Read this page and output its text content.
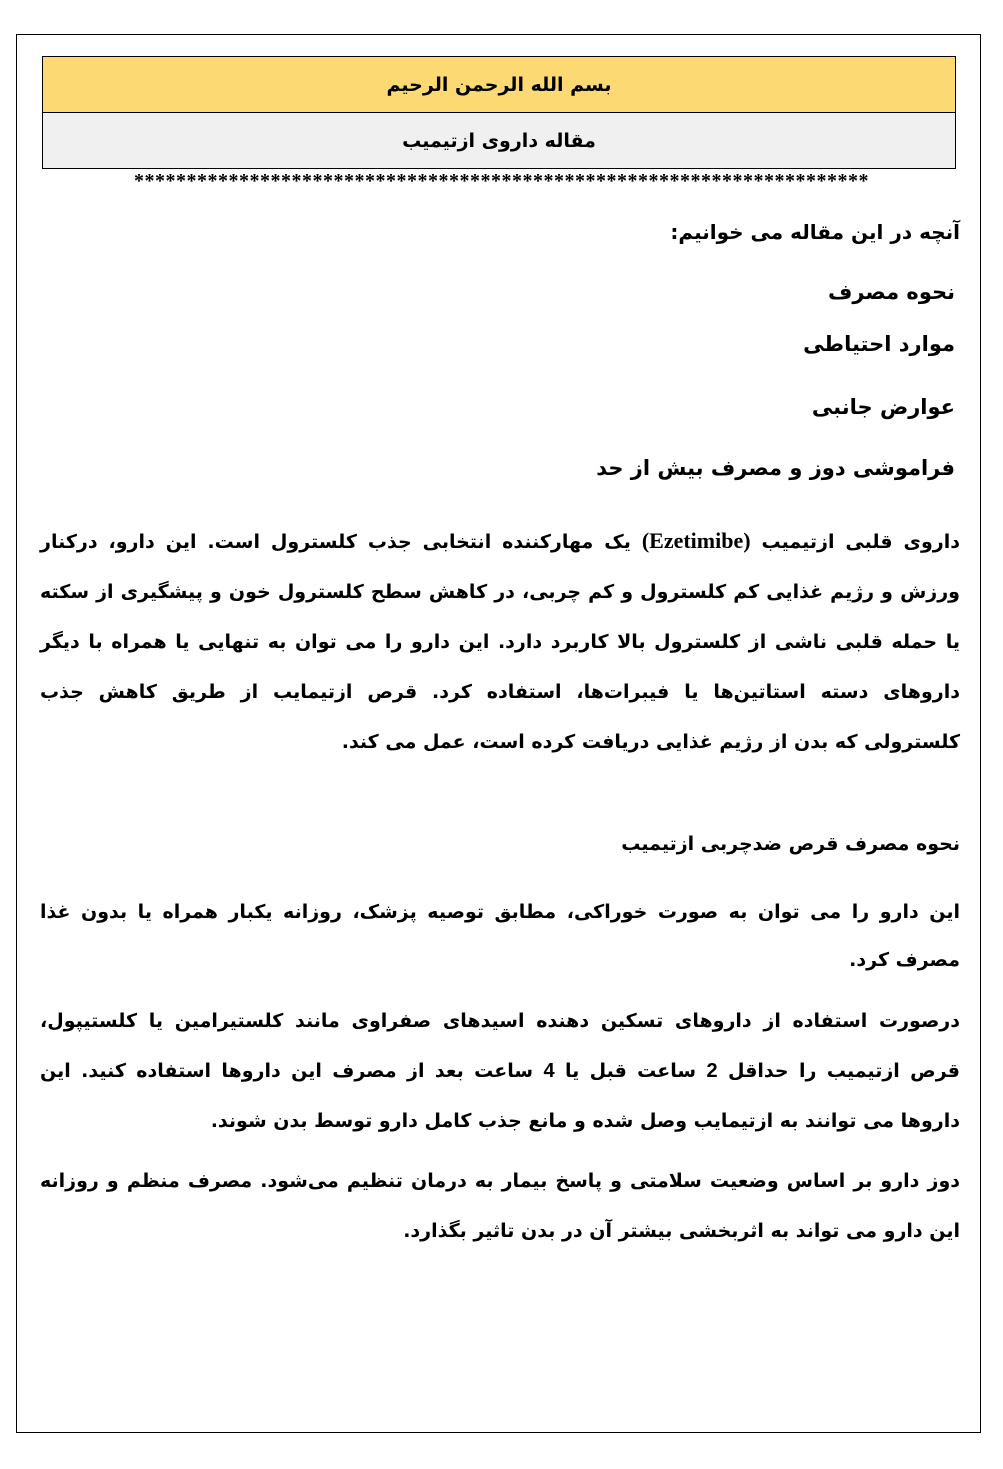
بسم الله الرحمن الرحیم
مقاله داروی ازتیمیب
**********************************************************************

آنچه در این مقاله می خوانیم:

نحوه مصرف
موارد احتیاطی
عوارض جانبی
فراموشی دوز و مصرف بیش از حد

داروی قلبی ازتیمیب (Ezetimibe) یک مهارکننده انتخابی جذب کلسترول است. این دارو، درکنار ورزش و رژیم غذایی کم کلسترول و کم چربی، در کاهش سطح کلسترول خون و پیشگیری از سکته یا حمله قلبی ناشی از کلسترول بالا کاربرد دارد. این دارو را می توان به تنهایی یا همراه با دیگر داروهای دسته استاتین‌ها یا فیبرات‌ها، استفاده کرد. قرص ازتیمایب از طریق کاهش جذب کلسترولی که بدن از رژیم غذایی دریافت کرده است، عمل می کند.

نحوه مصرف قرص ضدچربی ازتیمیب

این دارو را می توان به صورت خوراکی، مطابق توصیه پزشک، روزانه یکبار همراه یا بدون غذا مصرف کرد.

درصورت استفاده از داروهای تسکین دهنده اسیدهای صفراوی مانند کلستیرامین یا کلستیپول، قرص ازتیمیب را حداقل 2 ساعت قبل یا 4 ساعت بعد از مصرف این داروها استفاده کنید. این داروها می توانند به ازتیمایب وصل شده و مانع جذب کامل دارو توسط بدن شوند.

دوز دارو بر اساس وضعیت سلامتی و پاسخ بیمار به درمان تنظیم می‌شود. مصرف منظم و روزانه این دارو می تواند به اثربخشی بیشتر آن در بدن تاثیر بگذارد.
